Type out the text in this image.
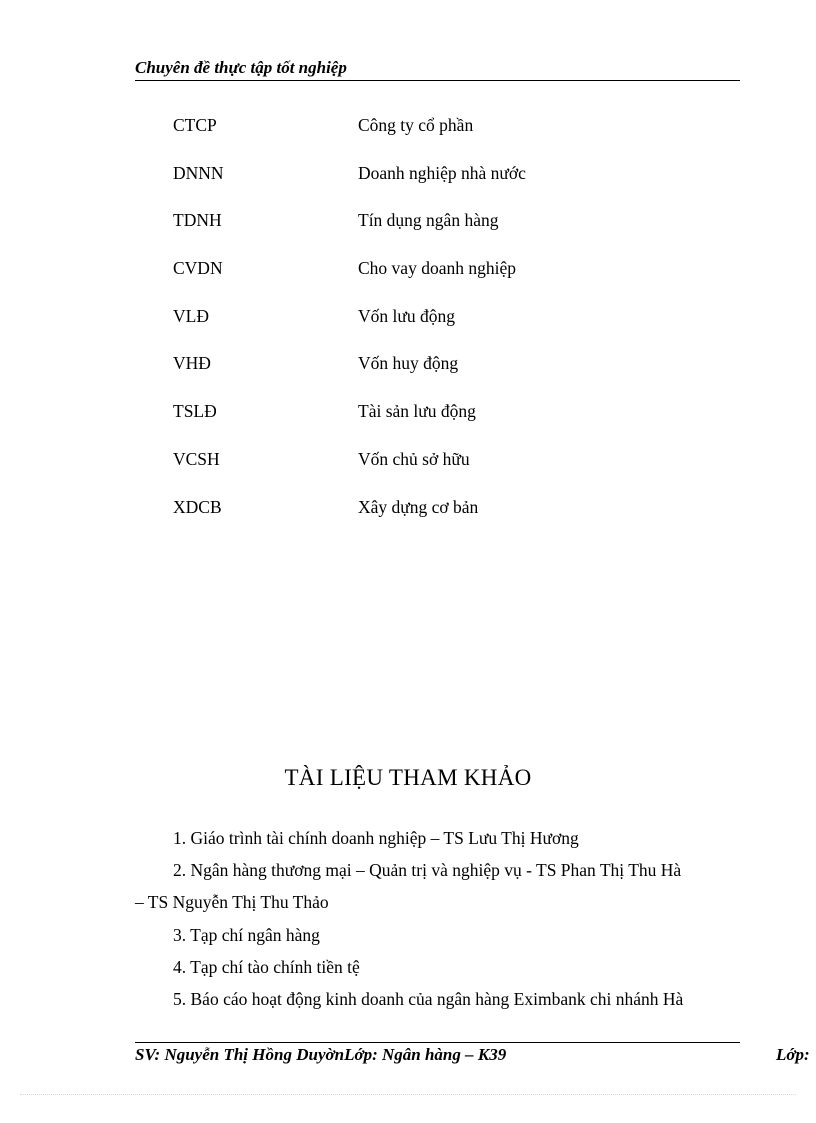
Chuyên đề thực tập tốt nghiệp
CTCP	Công ty cổ phần
DNNN	Doanh nghiệp nhà nước
TDNH	Tín dụng ngân hàng
CVDN	Cho vay doanh nghiệp
VLĐ	Vốn lưu động
VHĐ	Vốn huy động
TSLĐ	Tài sản lưu động
VCSH	Vốn chủ sở hữu
XDCB	Xây dựng cơ bản
TÀI LIỆU THAM KHẢO
1. Giáo trình tài chính doanh nghiệp – TS Lưu Thị Hương
2. Ngân hàng thương mại – Quản trị và nghiệp vụ - TS Phan Thị Thu Hà
– TS Nguyễn Thị Thu Thảo
3. Tạp chí ngân hàng
4. Tạp chí tào chính tiền tệ
5. Báo cáo hoạt động kinh doanh của ngân hàng Eximbank chi nhánh Hà
SV: Nguyễn Thị Hồng DuyờnLớp: Ngân hàng – K39	Lớp:
